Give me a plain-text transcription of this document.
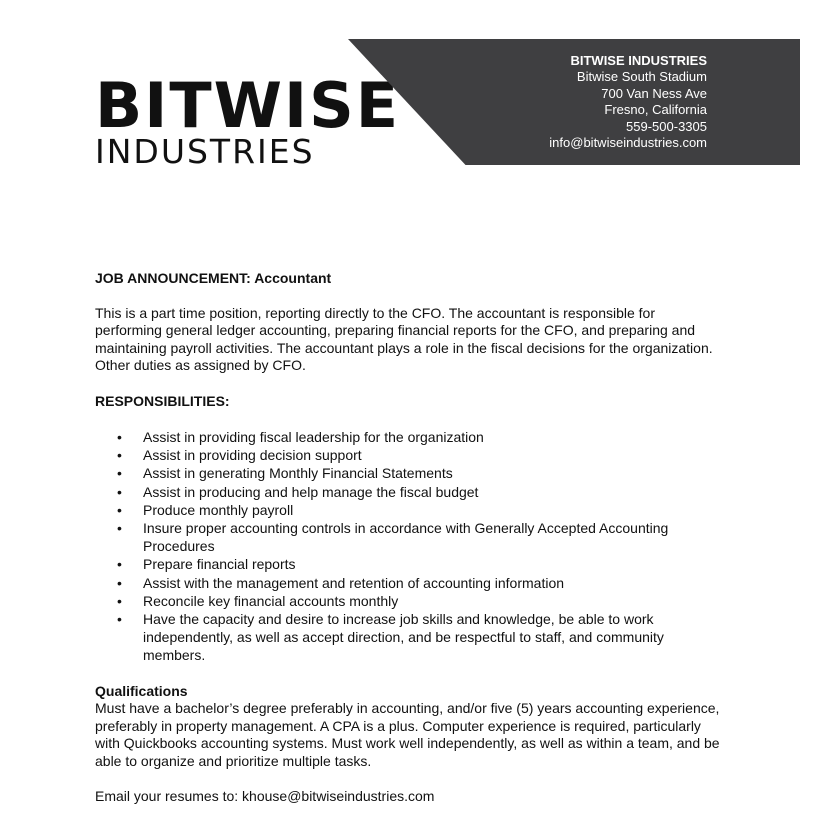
BITWISE
INDUSTRIES
BITWISE INDUSTRIES
Bitwise South Stadium
700 Van Ness Ave
Fresno, California
559-500-3305
info@bitwiseindustries.com

JOB ANNOUNCEMENT: Accountant

This is a part time position, reporting directly to the CFO. The accountant is responsible for performing general ledger accounting, preparing financial reports for the CFO, and preparing and maintaining payroll activities. The accountant plays a role in the fiscal decisions for the organization. Other duties as assigned by CFO.

RESPONSIBILITIES:

• Assist in providing fiscal leadership for the organization
• Assist in providing decision support
• Assist in generating Monthly Financial Statements
• Assist in producing and help manage the fiscal budget
• Produce monthly payroll
• Insure proper accounting controls in accordance with Generally Accepted Accounting Procedures
• Prepare financial reports
• Assist with the management and retention of accounting information
• Reconcile key financial accounts monthly
• Have the capacity and desire to increase job skills and knowledge, be able to work independently, as well as accept direction, and be respectful to staff, and community members.

Qualifications

Must have a bachelor’s degree preferably in accounting, and/or five (5) years accounting experience, preferably in property management. A CPA is a plus. Computer experience is required, particularly with Quickbooks accounting systems. Must work well independently, as well as within a team, and be able to organize and prioritize multiple tasks.

Email your resumes to: khouse@bitwiseindustries.com
